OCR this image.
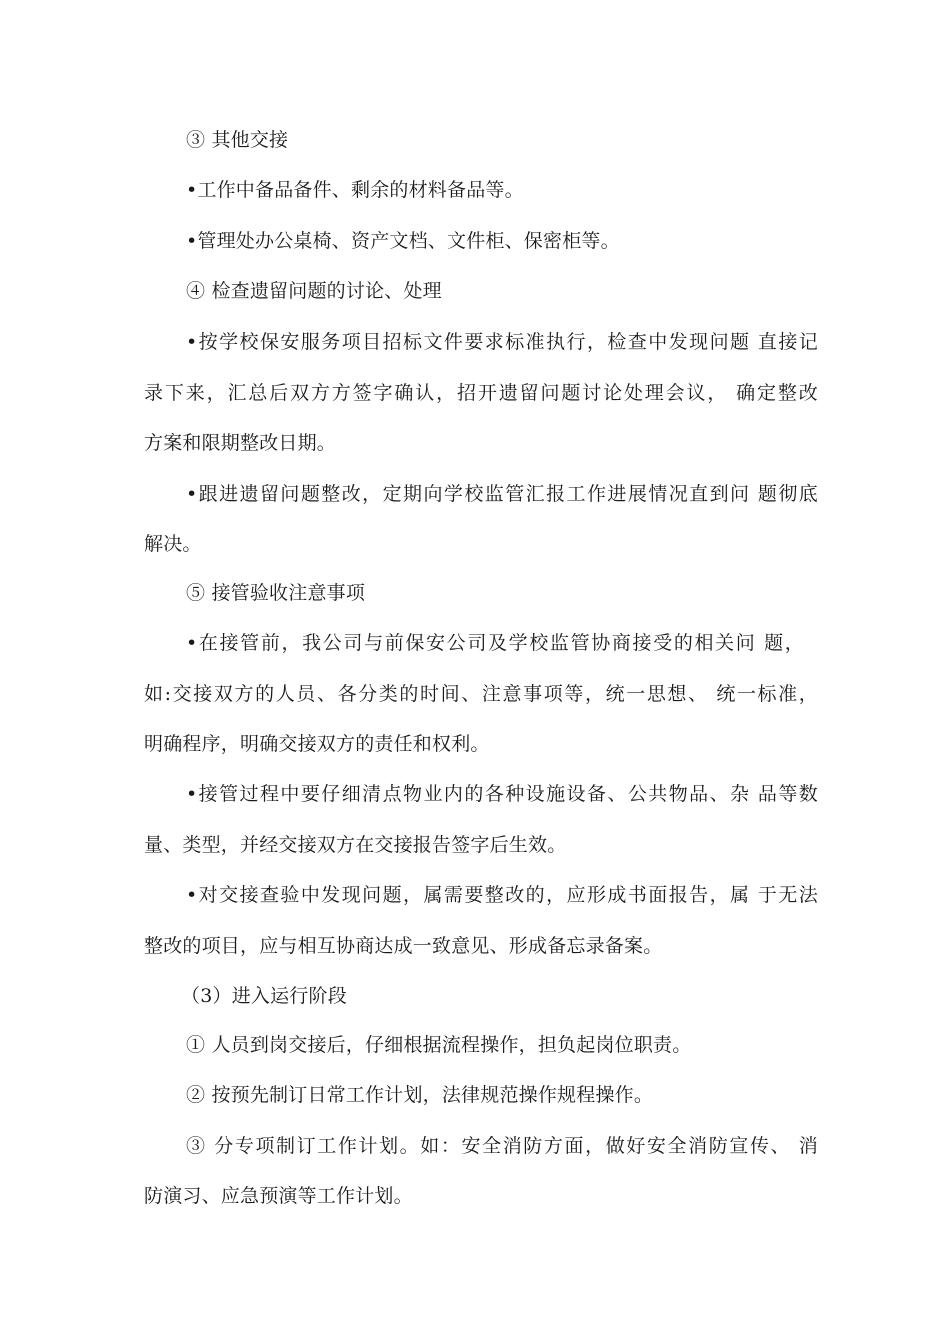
③ 其他交接
•工作中备品备件、剩余的材料备品等。
•管理处办公桌椅、资产文档、文件柜、保密柜等。
④ 检查遗留问题的讨论、处理
•按学校保安服务项目招标文件要求标准执行，检查中发现问题 直接记
录下来，汇总后双方方签字确认，招开遗留问题讨论处理会议， 确定整改
方案和限期整改日期。
•跟进遗留问题整改，定期向学校监管汇报工作进展情况直到问 题彻底
解决。
⑤ 接管验收注意事项
•在接管前，我公司与前保安公司及学校监管协商接受的相关问 题，
如:交接双方的人员、各分类的时间、注意事项等，统一思想、 统一标准，
明确程序，明确交接双方的责任和权利。
•接管过程中要仔细清点物业内的各种设施设备、公共物品、杂 品等数
量、类型，并经交接双方在交接报告签字后生效。
•对交接查验中发现问题，属需要整改的，应形成书面报告，属 于无法
整改的项目，应与相互协商达成一致意见、形成备忘录备案。
（3）进入运行阶段
① 人员到岗交接后，仔细根据流程操作，担负起岗位职责。
② 按预先制订日常工作计划，法律规范操作规程操作。
③ 分专项制订工作计划。如：安全消防方面，做好安全消防宣传、 消
防演习、应急预演等工作计划。
